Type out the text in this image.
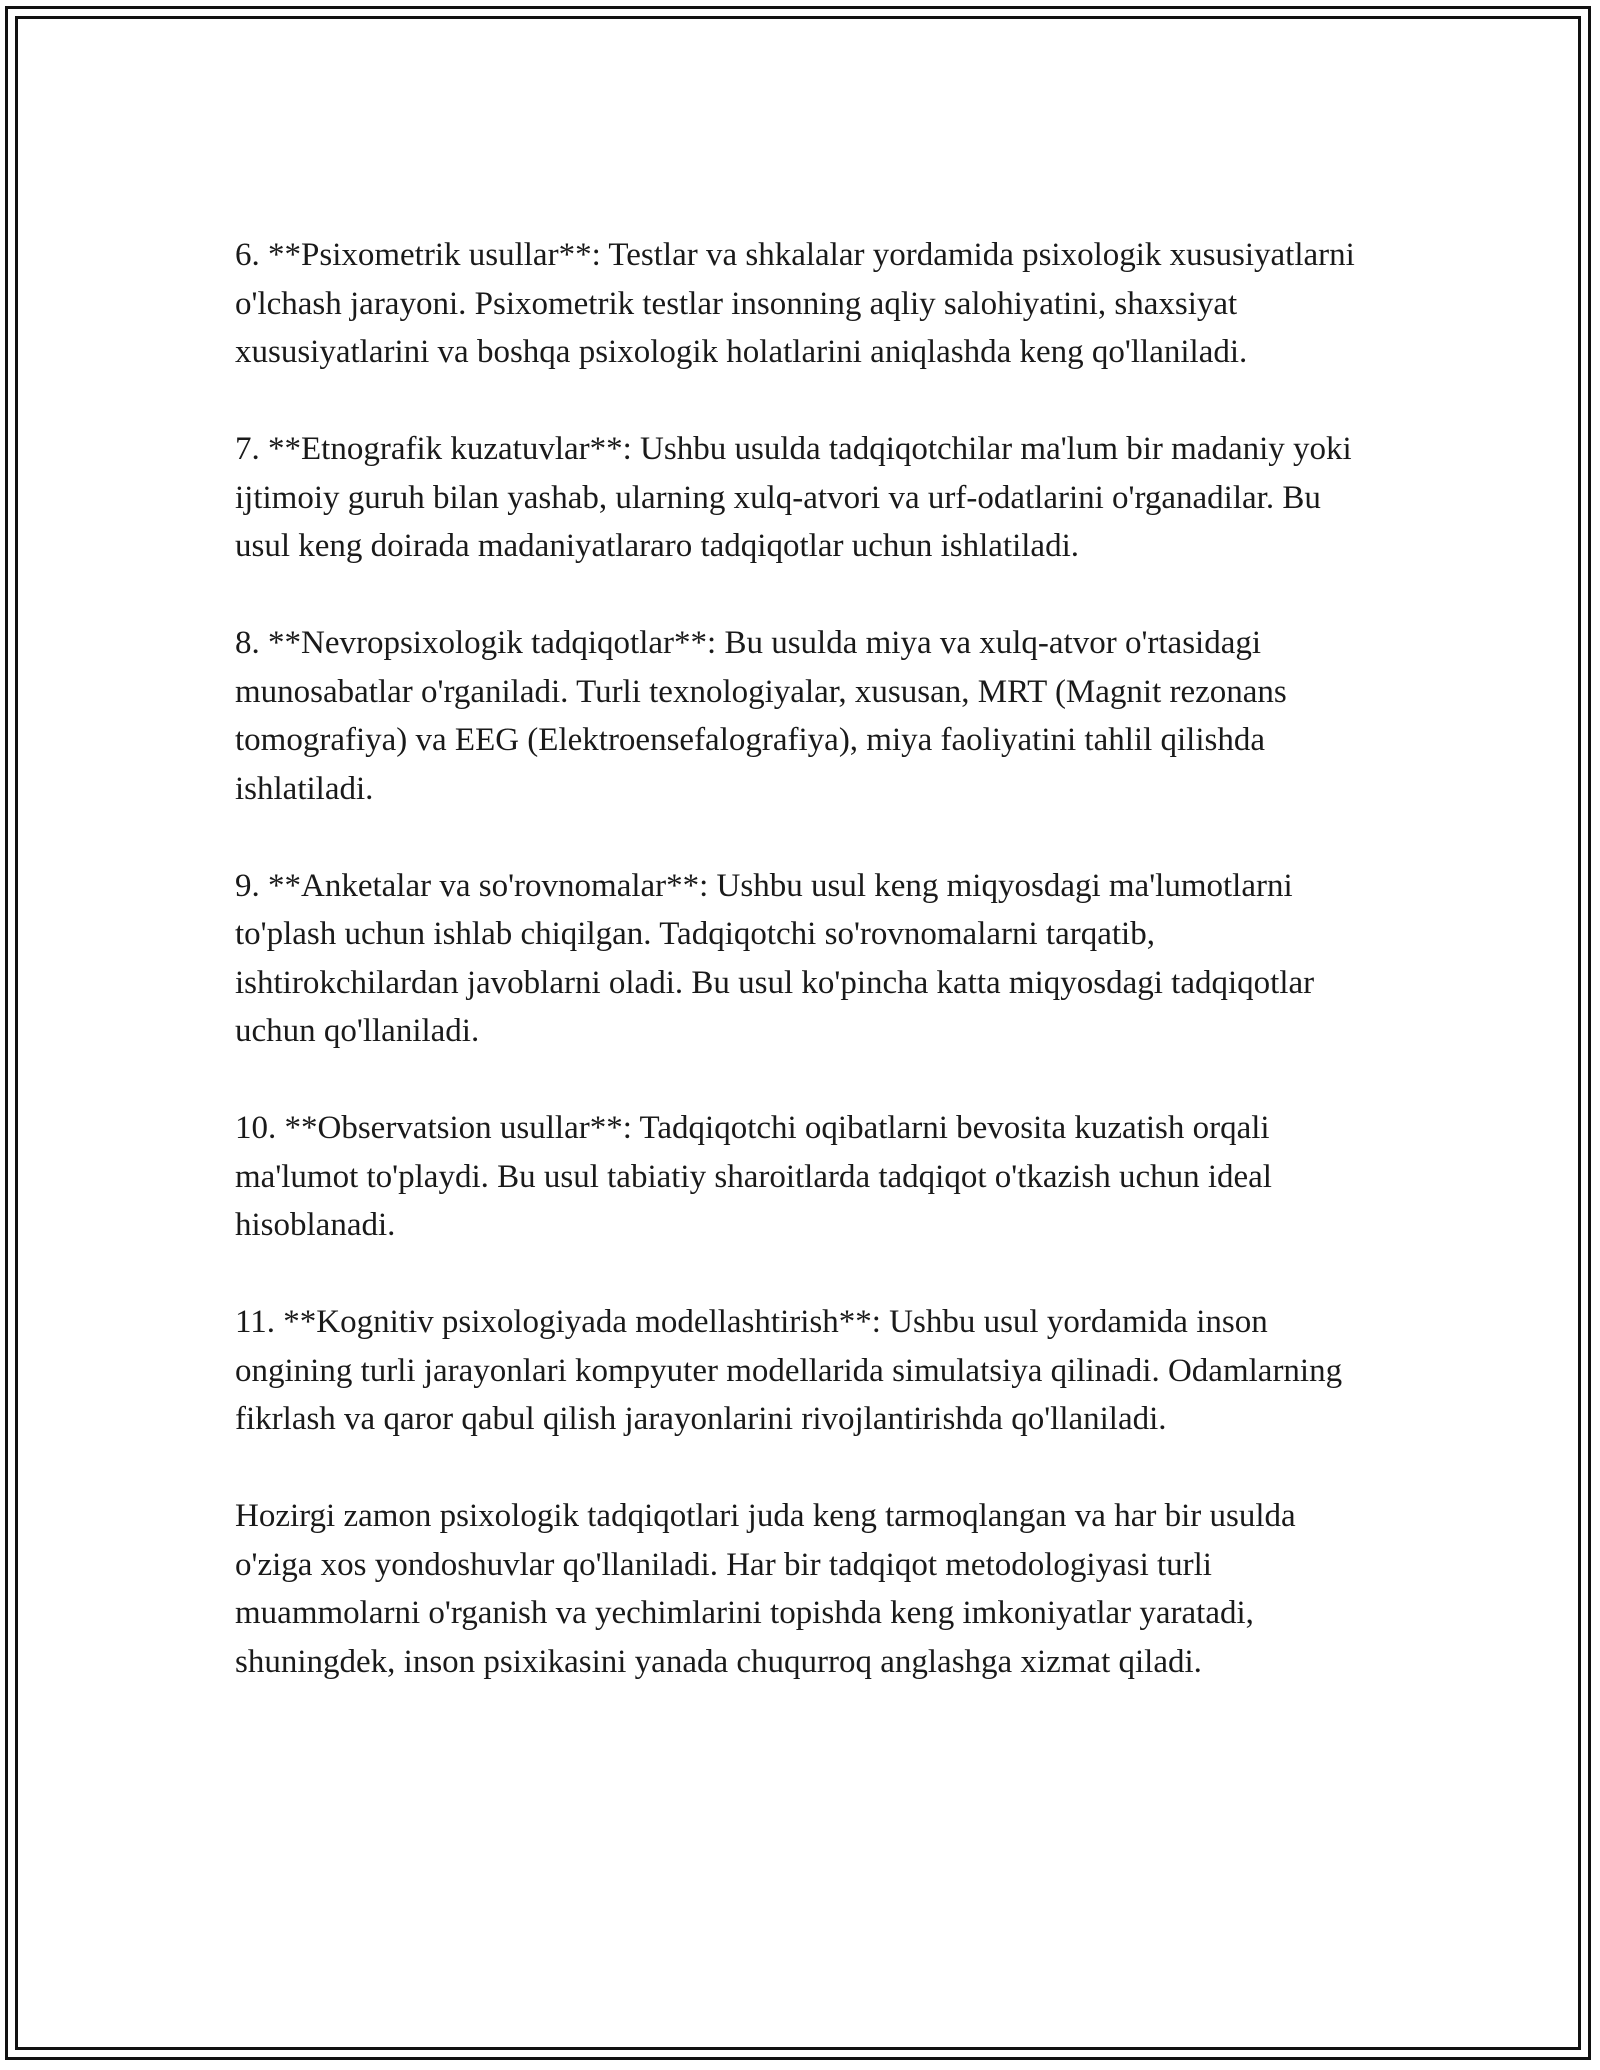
6. **Psixometrik usullar**: Testlar va shkalalar yordamida psixologik xususiyatlarni o'lchash jarayoni. Psixometrik testlar insonning aqliy salohiyatini, shaxsiyat xususiyatlarini va boshqa psixologik holatlarini aniqlashda keng qo'llaniladi.

7. **Etnografik kuzatuvlar**: Ushbu usulda tadqiqotchilar ma'lum bir madaniy yoki ijtimoiy guruh bilan yashab, ularning xulq-atvori va urf-odatlarini o'rganadilar. Bu usul keng doirada madaniyatlararo tadqiqotlar uchun ishlatiladi.

8. **Nevropsixologik tadqiqotlar**: Bu usulda miya va xulq-atvor o'rtasidagi munosabatlar o'rganiladi. Turli texnologiyalar, xususan, MRT (Magnit rezonans tomografiya) va EEG (Elektroensefalografiya), miya faoliyatini tahlil qilishda ishlatiladi.

9. **Anketalar va so'rovnomalar**: Ushbu usul keng miqyosdagi ma'lumotlarni to'plash uchun ishlab chiqilgan. Tadqiqotchi so'rovnomalarni tarqatib, ishtirokchilardan javoblarni oladi. Bu usul ko'pincha katta miqyosdagi tadqiqotlar uchun qo'llaniladi.

10. **Observatsion usullar**: Tadqiqotchi oqibatlarni bevosita kuzatish orqali ma'lumot to'playdi. Bu usul tabiatiy sharoitlarda tadqiqot o'tkazish uchun ideal hisoblanadi.

11. **Kognitiv psixologiyada modellashtirish**: Ushbu usul yordamida inson ongining turli jarayonlari kompyuter modellarida simulatsiya qilinadi. Odamlarning fikrlash va qaror qabul qilish jarayonlarini rivojlantirishda qo'llaniladi.

Hozirgi zamon psixologik tadqiqotlari juda keng tarmoqlangan va har bir usulda o'ziga xos yondoshuvlar qo'llaniladi. Har bir tadqiqot metodologiyasi turli muammolarni o'rganish va yechimlarini topishda keng imkoniyatlar yaratadi, shuningdek, inson psixikasini yanada chuqurroq anglashga xizmat qiladi.
